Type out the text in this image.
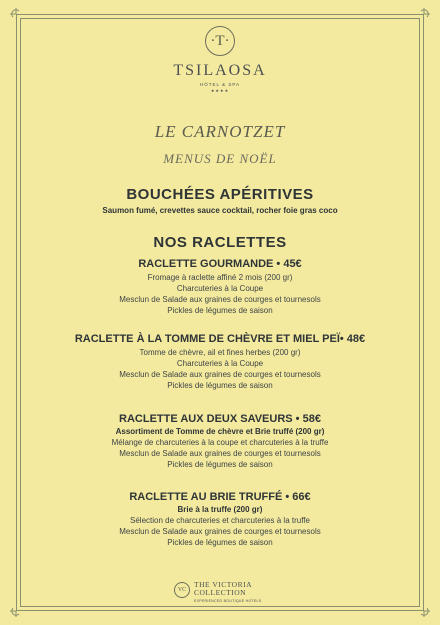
·T·
TSILAOSA
HÔTEL & SPA
★★★★
LE CARNOTZET
MENUS DE NOËL
BOUCHÉES APÉRITIVES
Saumon fumé, crevettes sauce cocktail, rocher foie gras coco
NOS RACLETTES
RACLETTE GOURMANDE • 45€
Fromage à raclette affiné 2 mois (200 gr)
Charcuteries à la Coupe
Mesclun de Salade aux graines de courges et tournesols
Pickles de légumes de saison
RACLETTE À LA TOMME DE CHÈVRE ET MIEL PEÏ• 48€
Tomme de chèvre, ail et fines herbes (200 gr)
Charcuteries à la Coupe
Mesclun de Salade aux graines de courges et tournesols
Pickles de légumes de saison
RACLETTE AUX DEUX SAVEURS • 58€
Assortiment de Tomme de chèvre et Brie truffé (200 gr)
Mélange de charcuteries à la coupe et charcuteries à la truffe
Mesclun de Salade aux graines de courges et tournesols
Pickles de légumes de saison
RACLETTE AU BRIE TRUFFÉ • 66€
Brie à la truffe (200 gr)
Sélection de charcuteries et charcuteries à la truffe
Mesclun de Salade aux graines de courges et tournesols
Pickles de légumes de saison
VC
THE VICTORIA
COLLECTION
EXPERIENCED BOUTIQUE HOTELS
